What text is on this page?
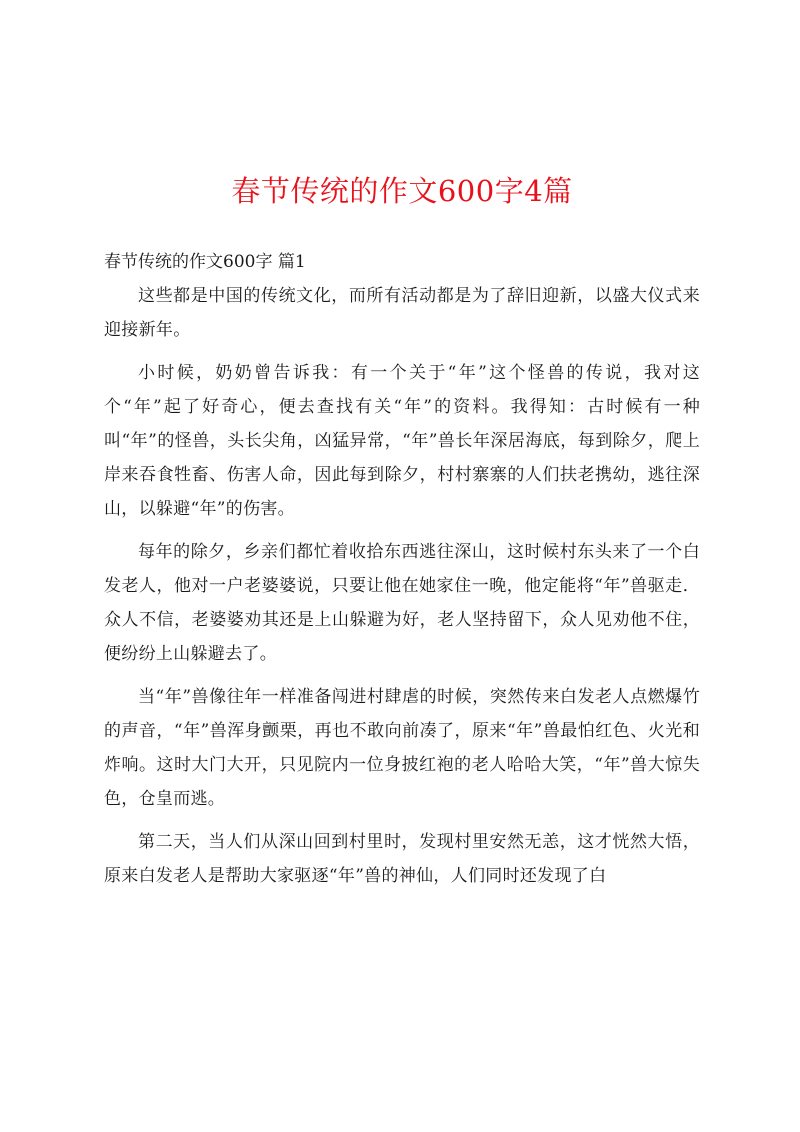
春节传统的作文600字4篇
春节传统的作文600字 篇1

这些都是中国的传统文化，而所有活动都是为了辞旧迎新，以盛大仪式来迎接新年。

小时候，奶奶曾告诉我：有一个关于“年”这个怪兽的传说，我对这个“年”起了好奇心，便去查找有关“年”的资料。我得知：古时候有一种叫“年”的怪兽，头长尖角，凶猛异常，“年”兽长年深居海底，每到除夕，爬上岸来吞食牲畜、伤害人命，因此每到除夕，村村寨寨的人们扶老携幼，逃往深山，以躲避“年”的伤害。

每年的除夕，乡亲们都忙着收拾东西逃往深山，这时候村东头来了一个白发老人，他对一户老婆婆说，只要让他在她家住一晚，他定能将“年”兽驱走．众人不信，老婆婆劝其还是上山躲避为好，老人坚持留下，众人见劝他不住，便纷纷上山躲避去了。

当“年”兽像往年一样准备闯进村肆虐的时候，突然传来白发老人点燃爆竹的声音，“年”兽浑身颤栗，再也不敢向前凑了，原来“年”兽最怕红色、火光和炸响。这时大门大开，只见院内一位身披红袍的老人哈哈大笑，“年”兽大惊失色，仓皇而逃。

第二天，当人们从深山回到村里时，发现村里安然无恙，这才恍然大悟，原来白发老人是帮助大家驱逐“年”兽的神仙，人们同时还发现了白
